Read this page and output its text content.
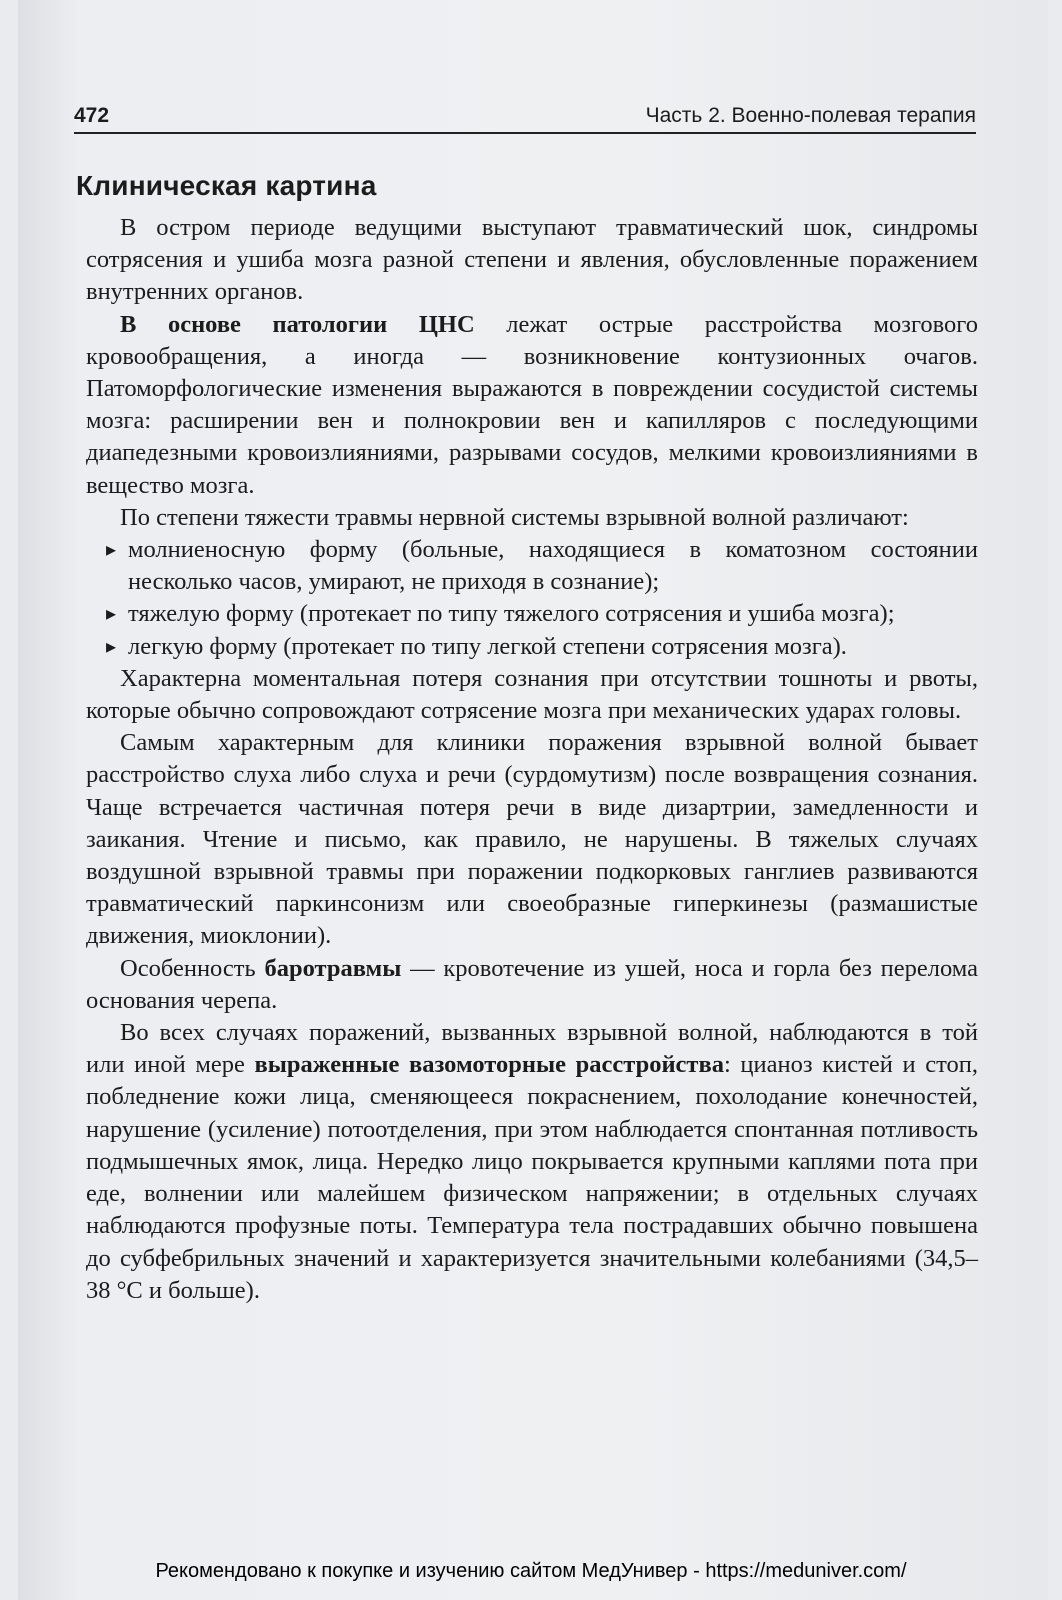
472	Часть 2. Военно-полевая терапия
Клиническая картина

В остром периоде ведущими выступают травматический шок, синдромы сотрясения и ушиба мозга разной степени и явления, обусловленные поражением внутренних органов.

В основе патологии ЦНС лежат острые расстройства мозгового кровообращения, а иногда — возникновение контузионных очагов. Патоморфологические изменения выражаются в повреждении сосудистой системы мозга: расширении вен и полнокровии вен и капилляров с последующими диапедезными кровоизлияниями, разрывами сосудов, мелкими кровоизлияниями в вещество мозга.

По степени тяжести травмы нервной системы взрывной волной различают:

▸ молниеносную форму (больные, находящиеся в коматозном состоянии несколько часов, умирают, не приходя в сознание);
▸ тяжелую форму (протекает по типу тяжелого сотрясения и ушиба мозга);
▸ легкую форму (протекает по типу легкой степени сотрясения мозга).

Характерна моментальная потеря сознания при отсутствии тошноты и рвоты, которые обычно сопровождают сотрясение мозга при механических ударах головы.

Самым характерным для клиники поражения взрывной волной бывает расстройство слуха либо слуха и речи (сурдомутизм) после возвращения сознания. Чаще встречается частичная потеря речи в виде дизартрии, замедленности и заикания. Чтение и письмо, как правило, не нарушены. В тяжелых случаях воздушной взрывной травмы при поражении подкорковых ганглиев развиваются травматический паркинсонизм или своеобразные гиперкинезы (размашистые движения, миоклонии).

Особенность баротравмы — кровотечение из ушей, носа и горла без перелома основания черепа.

Во всех случаях поражений, вызванных взрывной волной, наблюдаются в той или иной мере выраженные вазомоторные расстройства: цианоз кистей и стоп, побледнение кожи лица, сменяющееся покраснением, похолодание конечностей, нарушение (усиление) потоотделения, при этом наблюдается спонтанная потливость подмышечных ямок, лица. Нередко лицо покрывается крупными каплями пота при еде, волнении или малейшем физическом напряжении; в отдельных случаях наблюдаются профузные поты. Температура тела пострадавших обычно повышена до субфебрильных значений и характеризуется значительными колебаниями (34,5–38 °С и больше).

Рекомендовано к покупке и изучению сайтом МедУнивер - https://meduniver.com/
